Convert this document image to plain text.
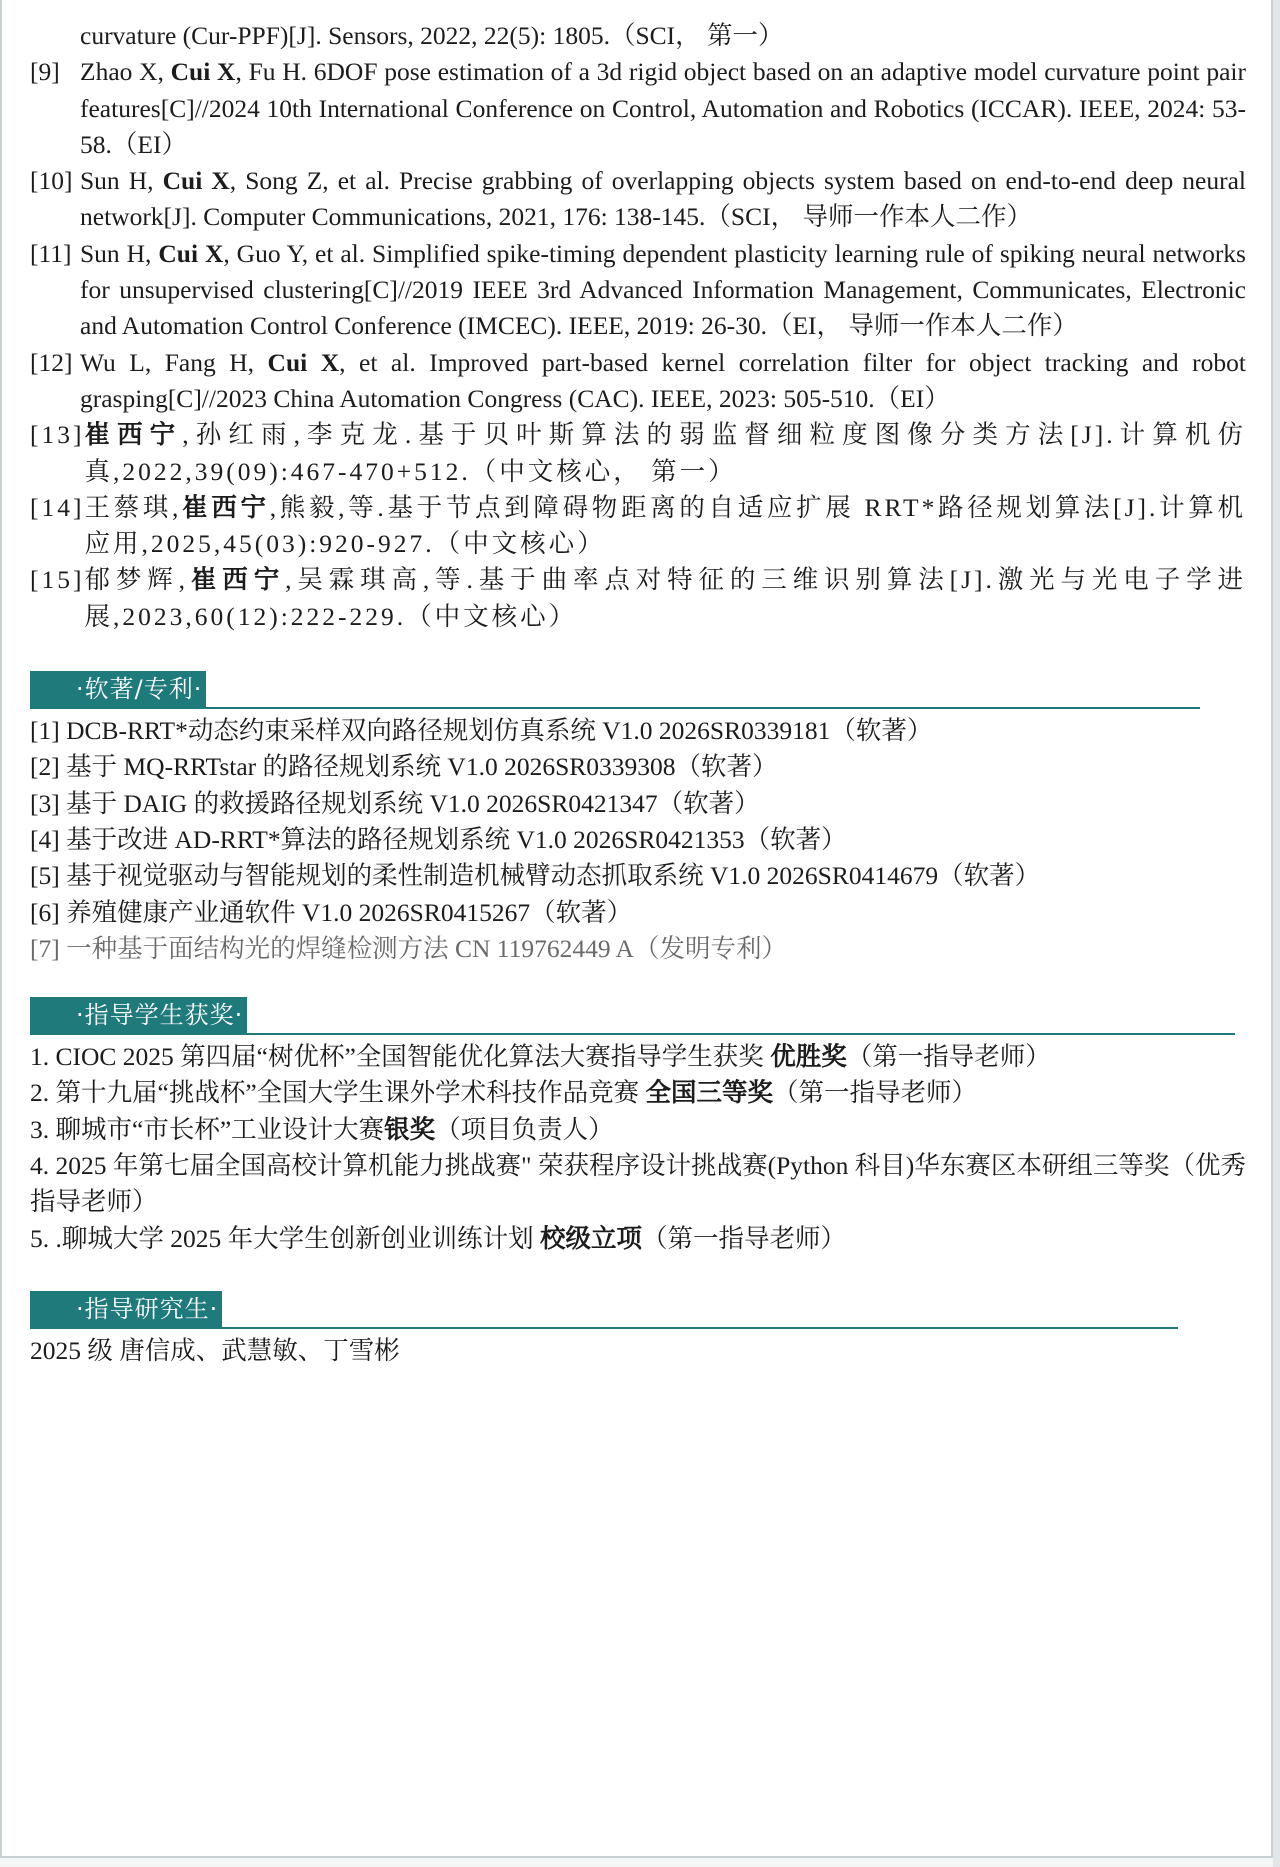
curvature (Cur-PPF)[J]. Sensors, 2022, 22(5): 1805.（SCI， 第一）
[9] Zhao X, Cui X, Fu H. 6DOF pose estimation of a 3d rigid object based on an adaptive model curvature point pair features[C]//2024 10th International Conference on Control, Automation and Robotics (ICCAR). IEEE, 2024: 53-58.（EI）
[10] Sun H, Cui X, Song Z, et al. Precise grabbing of overlapping objects system based on end-to-end deep neural network[J]. Computer Communications, 2021, 176: 138-145.（SCI， 导师一作本人二作）
[11] Sun H, Cui X, Guo Y, et al. Simplified spike-timing dependent plasticity learning rule of spiking neural networks for unsupervised clustering[C]//2019 IEEE 3rd Advanced Information Management, Communicates, Electronic and Automation Control Conference (IMCEC). IEEE, 2019: 26-30.（EI， 导师一作本人二作）
[12] Wu L, Fang H, Cui X, et al. Improved part-based kernel correlation filter for object tracking and robot grasping[C]//2023 China Automation Congress (CAC). IEEE, 2023: 505-510.（EI）
[13] 崔西宁,孙红雨,李克龙.基于贝叶斯算法的弱监督细粒度图像分类方法[J].计算机仿真,2022,39(09):467-470+512.（中文核心， 第一）
[14] 王蔡琪,崔西宁,熊毅,等.基于节点到障碍物距离的自适应扩展 RRT*路径规划算法[J].计算机应用,2025,45(03):920-927.（中文核心）
[15] 郁梦辉,崔西宁,吴霖琪高,等.基于曲率点对特征的三维识别算法[J].激光与光电子学进展,2023,60(12):222-229.（中文核心）
·软著/专利·
[1] DCB-RRT*动态约束采样双向路径规划仿真系统 V1.0 2026SR0339181（软著）
[2] 基于 MQ-RRTstar 的路径规划系统 V1.0 2026SR0339308（软著）
[3] 基于 DAIG 的救援路径规划系统 V1.0 2026SR0421347（软著）
[4] 基于改进 AD-RRT*算法的路径规划系统 V1.0 2026SR0421353（软著）
[5] 基于视觉驱动与智能规划的柔性制造机械臂动态抓取系统 V1.0 2026SR0414679（软著）
[6] 养殖健康产业通软件 V1.0 2026SR0415267（软著）
[7] 一种基于面结构光的焊缝检测方法 CN 119762449 A（发明专利）
·指导学生获奖·
1. CIOC 2025 第四届“树优杯”全国智能优化算法大赛指导学生获奖 优胜奖（第一指导老师）
2. 第十九届“挑战杯”全国大学生课外学术科技作品竞赛 全国三等奖（第一指导老师）
3. 聊城市“市长杯”工业设计大赛银奖（项目负责人）
4. 2025 年第七届全国高校计算机能力挑战赛" 荣获程序设计挑战赛(Python 科目)华东赛区本研组三等奖（优秀指导老师）
5. .聊城大学 2025 年大学生创新创业训练计划 校级立项（第一指导老师）
·指导研究生·
2025 级 唐信成、武慧敏、丁雪彬
